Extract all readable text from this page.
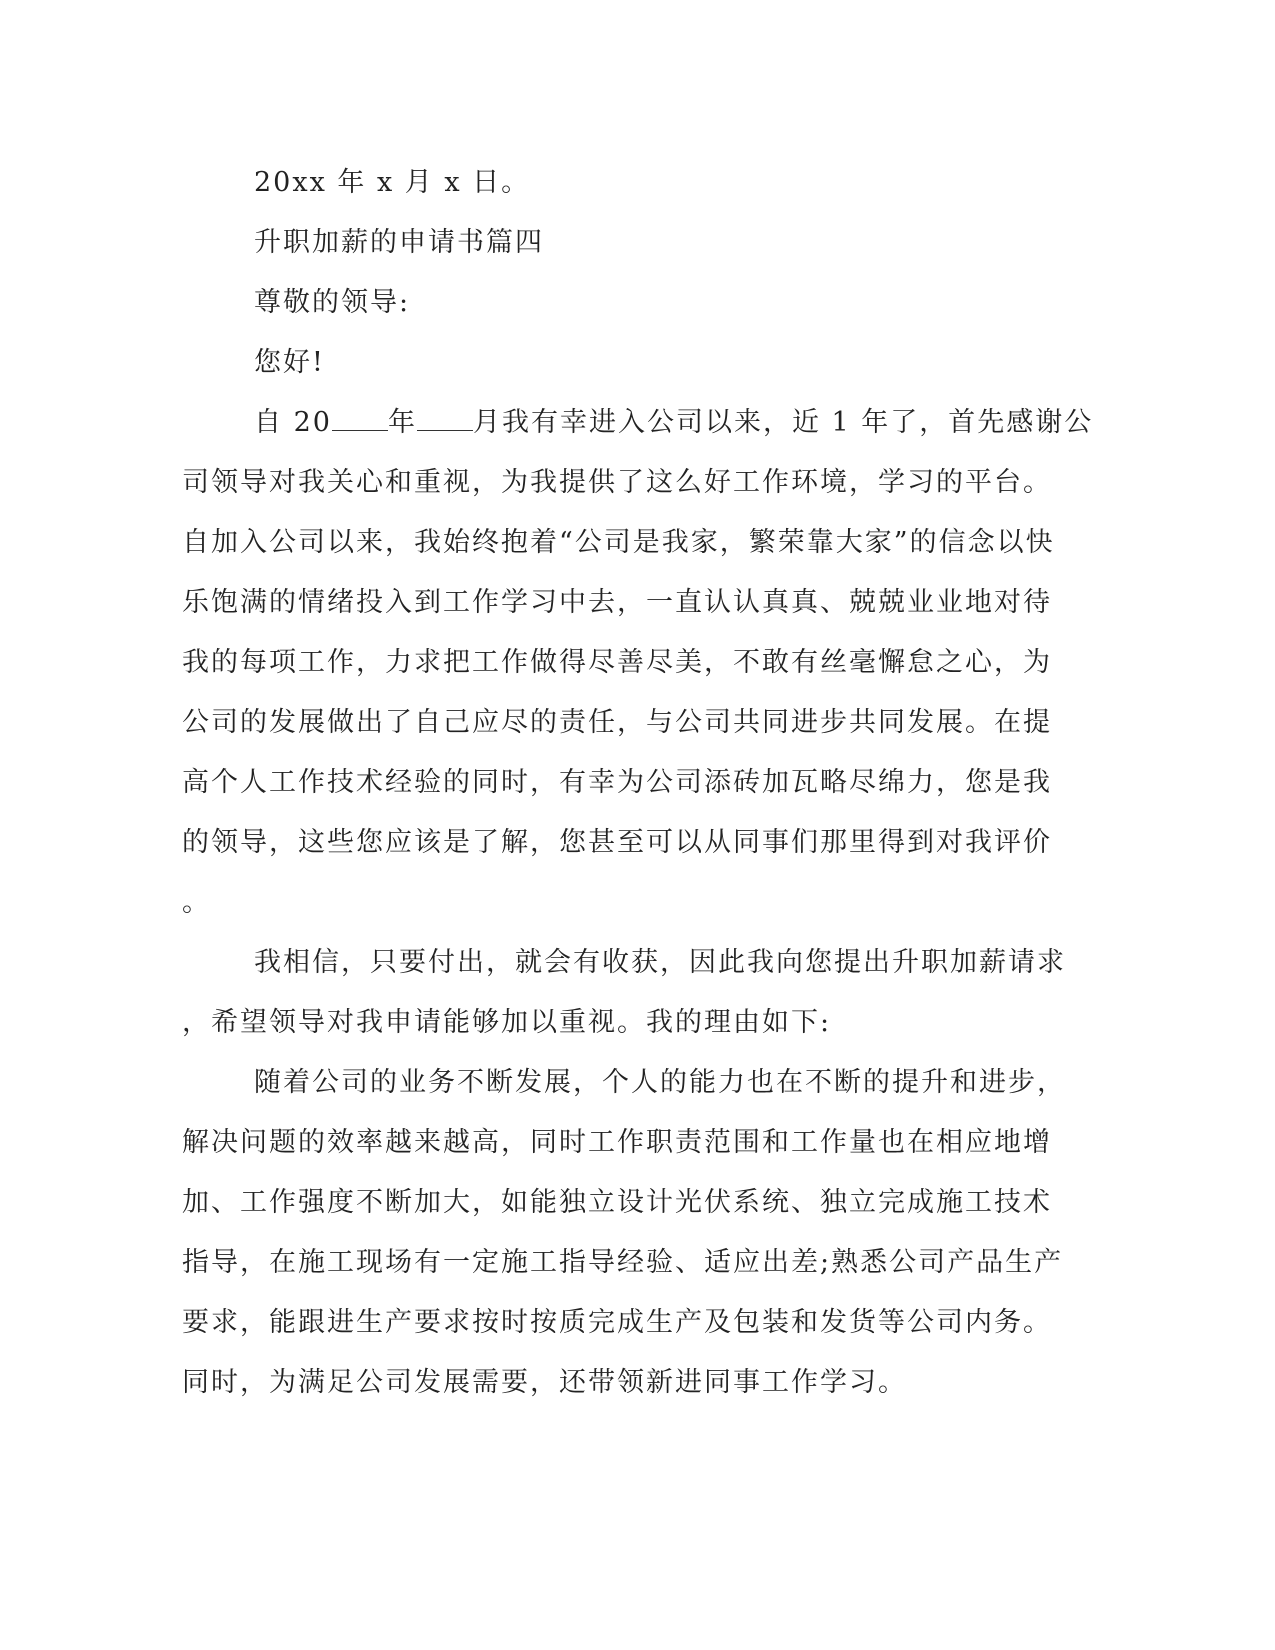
20xx 年 x 月 x 日。
升职加薪的申请书篇四
尊敬的领导:
您好!
自 20 年 月我有幸进入公司以来，近 1 年了，首先感谢公
司领导对我关心和重视，为我提供了这么好工作环境，学习的平台。
自加入公司以来，我始终抱着“公司是我家，繁荣靠大家”的信念以快
乐饱满的情绪投入到工作学习中去，一直认认真真、兢兢业业地对待
我的每项工作，力求把工作做得尽善尽美，不敢有丝毫懈怠之心，为
公司的发展做出了自己应尽的责任，与公司共同进步共同发展。在提
高个人工作技术经验的同时，有幸为公司添砖加瓦略尽绵力，您是我
的领导，这些您应该是了解，您甚至可以从同事们那里得到对我评价
。
我相信，只要付出，就会有收获，因此我向您提出升职加薪请求
，希望领导对我申请能够加以重视。我的理由如下:
随着公司的业务不断发展，个人的能力也在不断的提升和进步，
解决问题的效率越来越高，同时工作职责范围和工作量也在相应地增
加、工作强度不断加大，如能独立设计光伏系统、独立完成施工技术
指导，在施工现场有一定施工指导经验、适应出差;熟悉公司产品生产
要求，能跟进生产要求按时按质完成生产及包装和发货等公司内务。
同时，为满足公司发展需要，还带领新进同事工作学习。
